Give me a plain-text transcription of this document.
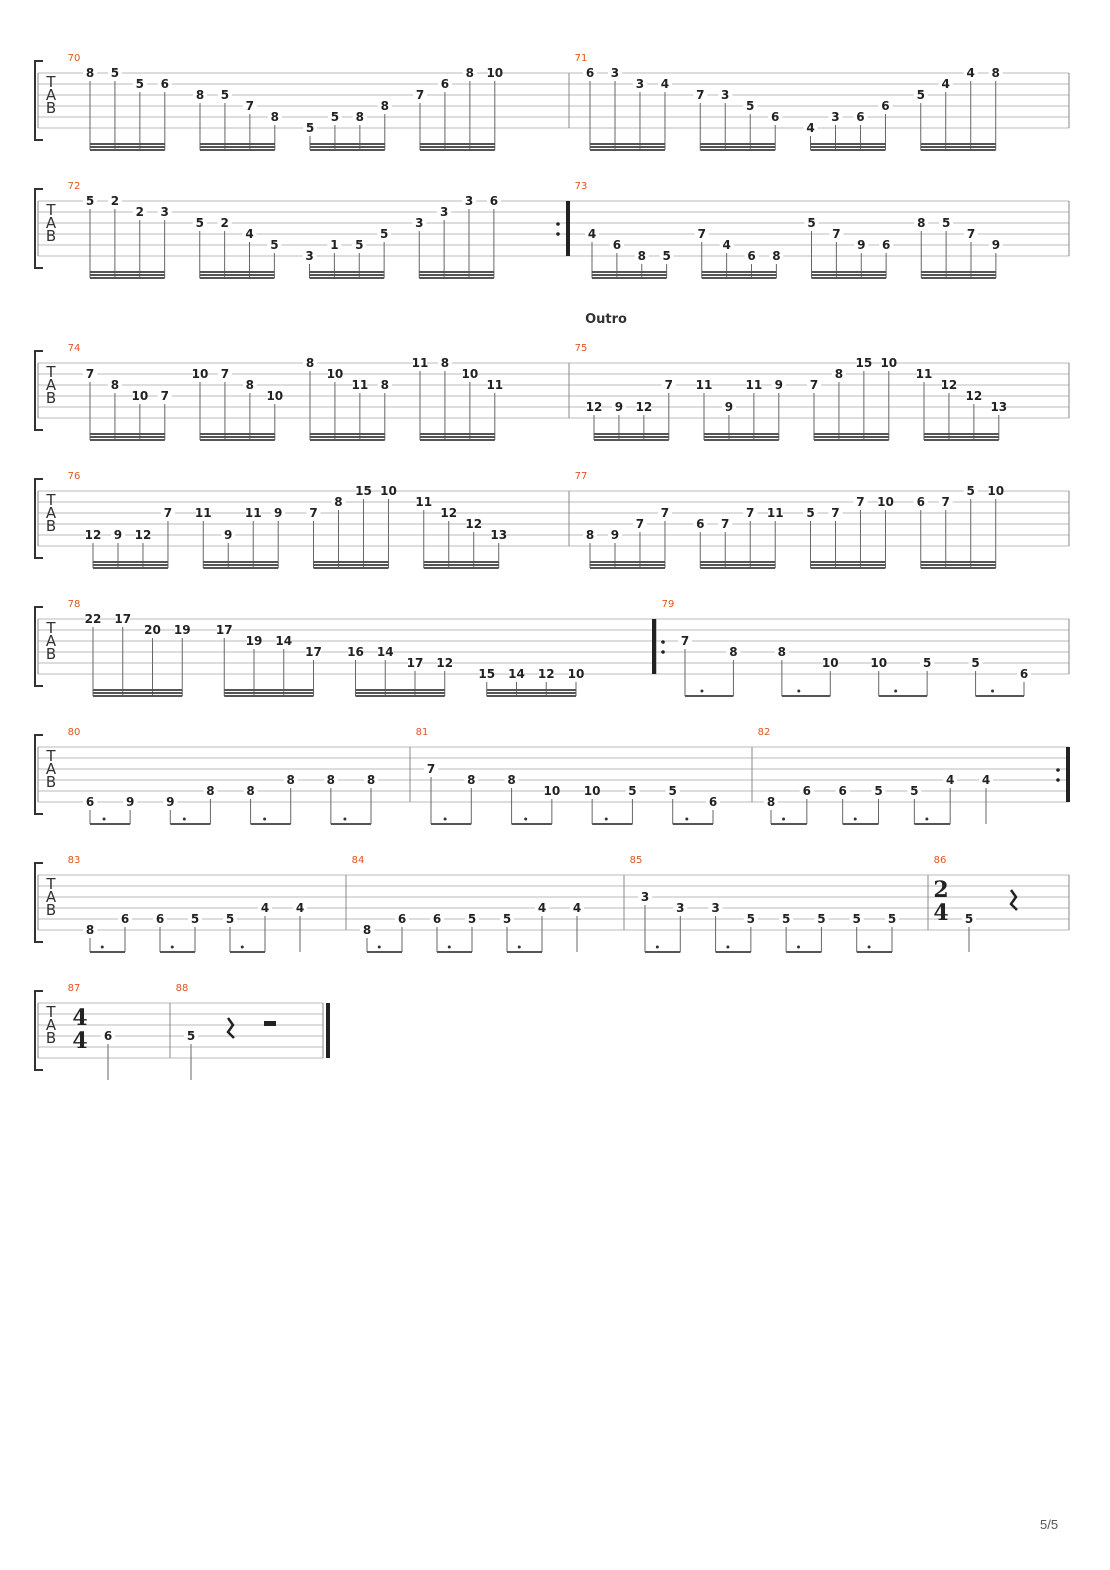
Outro
T
A
B
70
8 5
5 6
8 5
7
8
5
5 8
8
7
6
8 10
71
6 3
3 4
7 3
5
6
4
3 6
6
5
4
4 8
T
A
B
72
5 2
2 3
5 2
4
5
3
1 5
5
3
3
3 6
73
4
6
8 5
7
4
6 8
5
7
9 6
8 5
7
9
T
A
B
74
7
8
10 7
10 7
8
10
8
10
11 8
11 8
10
11
75
12 9 12
7 11
9
11 9 7
8
15 10
11
12
12
13
T
A
B
76
12 9 12
7 11
9
11 9 7
8
15 10
11
12
12
13
77
8 9
7
7
6 7
7 11 5 7
7 10 6 7
5 10
T
A
B
78
22 17
20 19 17
19 14
17 16 14
17 12
15 14 12 10
79
7
8	8
10	10	5	5
6
T
A
B
80
6	9	9
8	8
8	8	8
81
7
8	8
10 10 5	5
6
82
8
6 6 5 5
4 4
T
A
B
83
8
6 6 5 5
4 4
84
8
6 6 5 5
4 4
85
3
3 3
5 5 5 5 5
86
5
T
A
B
87
6
88
5
2
4
4
4
5/5
